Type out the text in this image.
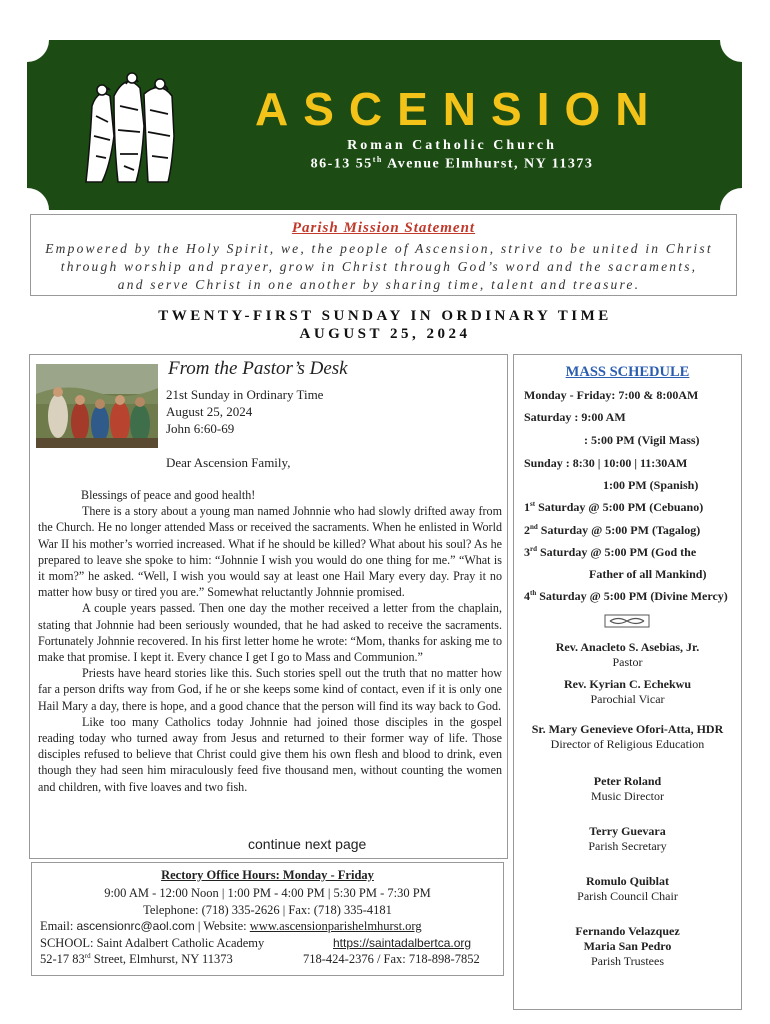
ASCENSION
Roman Catholic Church
86-13 55th Avenue Elmhurst, NY 11373
Parish Mission Statement
Empowered by the Holy Spirit, we, the people of Ascension, strive to be united in Christ
through worship and prayer, grow in Christ through God’s word and the sacraments,
and serve Christ in one another by sharing time, talent and treasure.
TWENTY-FIRST SUNDAY IN ORDINARY TIME
AUGUST 25, 2024
From the Pastor’s Desk
21st Sunday in Ordinary Time
August 25, 2024
John 6:60-69
Dear Ascension Family,

Blessings of peace and good health!

There is a story about a young man named Johnnie who had slowly drifted away from the Church. He no longer attended Mass or received the sacraments. When he enlisted in World War II his mother’s worried increased. What if he should be killed? What about his soul? As he prepared to leave she spoke to him: “Johnnie I wish you would do one thing for me.” “What is it mom?” he asked. “Well, I wish you would say at least one Hail Mary every day. Pray it no matter how busy or tired you are.” Somewhat reluctantly Johnnie promised.

A couple years passed. Then one day the mother received a letter from the chaplain, stating that Johnnie had been seriously wounded, that he had asked to receive the sacraments. Fortunately Johnnie recovered. In his first letter home he wrote: “Mom, thanks for asking me to make that promise. I kept it. Every chance I get I go to Mass and Communion.”

Priests have heard stories like this. Such stories spell out the truth that no matter how far a person drifts way from God, if he or she keeps some kind of contact, even if it is only one Hail Mary a day, there is hope, and a good chance that the person will find its way back to God.

Like too many Catholics today Johnnie had joined those disciples in the gospel reading today who turned away from Jesus and returned to their former way of life. Those disciples refused to believe that Christ could give them his own flesh and blood to drink, even though they had seen him miraculously feed five thousand men, without counting the women and children, with five loaves and two fish.

continue next page
Rectory Office Hours: Monday - Friday
9:00 AM - 12:00 Noon | 1:00 PM - 4:00 PM | 5:30 PM - 7:30 PM
Telephone: (718) 335-2626 | Fax: (718) 335-4181
Email: ascensionrc@aol.com | Website: www.ascensionparishelmhurst.org
SCHOOL: Saint Adalbert Catholic Academy	https://saintadalbertca.org
52-17 83rd Street, Elmhurst, NY 11373	718-424-2376 / Fax: 718-898-7852
MASS SCHEDULE
Monday - Friday: 7:00 & 8:00AM
Saturday : 9:00 AM
: 5:00 PM (Vigil Mass)
Sunday : 8:30 | 10:00 | 11:30AM
1:00 PM (Spanish)
1st Saturday @ 5:00 PM (Cebuano)
2nd Saturday @ 5:00 PM (Tagalog)
3rd Saturday @ 5:00 PM (God the
Father of all Mankind)
4th Saturday @ 5:00 PM (Divine Mercy)
Rev. Anacleto S. Asebias, Jr.
Pastor
Rev. Kyrian C. Echekwu
Parochial Vicar
Sr. Mary Genevieve Ofori-Atta, HDR
Director of Religious Education
Peter Roland
Music Director
Terry Guevara
Parish Secretary
Romulo Quiblat
Parish Council Chair
Fernando Velazquez
Maria San Pedro
Parish Trustees
